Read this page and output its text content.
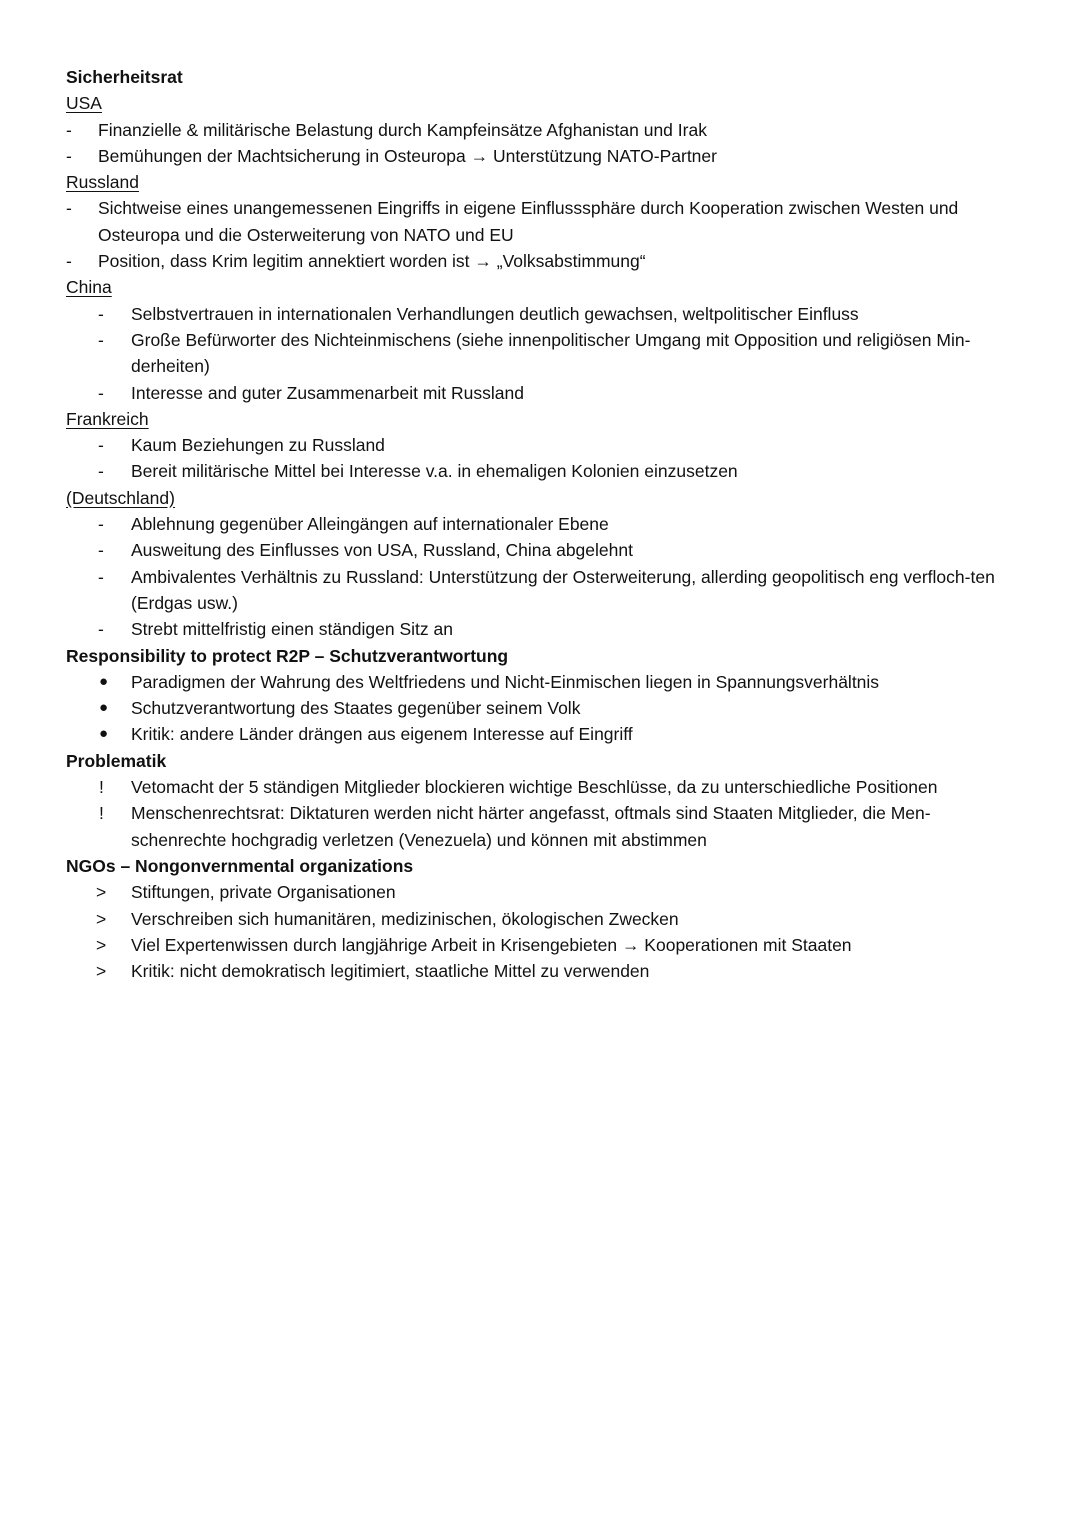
Sicherheitsrat
USA
-	Finanzielle & militärische Belastung durch Kampfeinsätze Afghanistan und Irak
-	Bemühungen der Machtsicherung in Osteuropa → Unterstützung NATO-Partner
Russland
-	Sichtweise eines unangemessenen Eingriffs in eigene Einflusssphäre durch Kooperation zwischen Westen und Osteuropa und die Osterweiterung von NATO und EU
-	Position, dass Krim legitim annektiert worden ist → „Volksabstimmung“
China
-	Selbstvertrauen in internationalen Verhandlungen deutlich gewachsen, weltpolitischer Einfluss
-	Große Befürworter des Nichteinmischens (siehe innenpolitischer Umgang mit Opposition und religiösen Min-derheiten)
-	Interesse and guter Zusammenarbeit mit Russland
Frankreich
-	Kaum Beziehungen zu Russland
-	Bereit militärische Mittel bei Interesse v.a. in ehemaligen Kolonien einzusetzen
(Deutschland)
-	Ablehnung gegenüber Alleingängen auf internationaler Ebene
-	Ausweitung des Einflusses von USA, Russland, China abgelehnt
-	Ambivalentes Verhältnis zu Russland: Unterstützung der Osterweiterung, allerding geopolitisch eng verfloch-ten (Erdgas usw.)
-	Strebt mittelfristig einen ständigen Sitz an
Responsibility to protect R2P – Schutzverantwortung
●	Paradigmen der Wahrung des Weltfriedens und Nicht-Einmischen liegen in Spannungsverhältnis
●	Schutzverantwortung des Staates gegenüber seinem Volk
●	Kritik: andere Länder drängen aus eigenem Interesse auf Eingriff
Problematik
!	Vetomacht der 5 ständigen Mitglieder blockieren wichtige Beschlüsse, da zu unterschiedliche Positionen
!	Menschenrechtsrat: Diktaturen werden nicht härter angefasst, oftmals sind Staaten Mitglieder, die Men-schenrechte hochgradig verletzen (Venezuela) und können mit abstimmen
NGOs – Nongonvernmental organizations
>	Stiftungen, private Organisationen
>	Verschreiben sich humanitären, medizinischen, ökologischen Zwecken
>	Viel Expertenwissen durch langjährige Arbeit in Krisengebieten → Kooperationen mit Staaten
>	Kritik: nicht demokratisch legitimiert, staatliche Mittel zu verwenden
